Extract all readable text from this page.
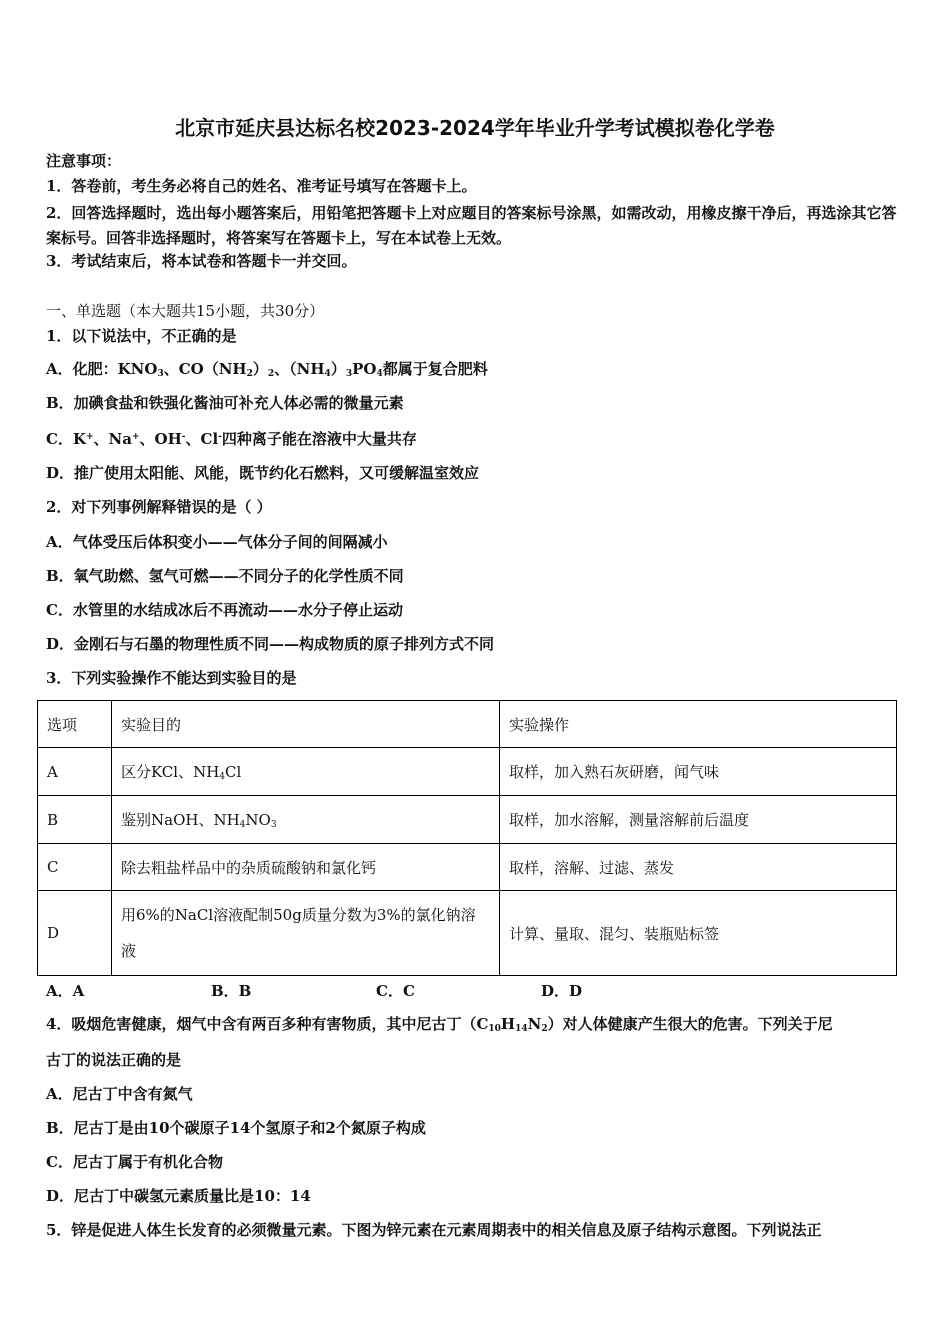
北京市延庆县达标名校2023-2024学年毕业升学考试模拟卷化学卷
注意事项：
1．答卷前，考生务必将自己的姓名、准考证号填写在答题卡上。
2．回答选择题时，选出每小题答案后，用铅笔把答题卡上对应题目的答案标号涂黑，如需改动，用橡皮擦干净后，再选涂其它答案标号。回答非选择题时，将答案写在答题卡上，写在本试卷上无效。
3．考试结束后，将本试卷和答题卡一并交回。
一、单选题（本大题共15小题，共30分）
1．以下说法中，不正确的是
A．化肥：$KNO_3$、$CO(NH_2)_2$、$(NH_4)_3PO_4$都属于复合肥料
B．加碘食盐和铁强化酱油可补充人体必需的微量元素
C．K+、Na+、OH-、Cl-四种离子能在溶液中大量共存
D．推广使用太阳能、风能，既节约化石燃料，又可缓解温室效应
2．对下列事例解释错误的是（ ）
A．气体受压后体积变小——气体分子间的间隔减小
B．氧气助燃、氢气可燃——不同分子的化学性质不同
C．水管里的水结成冰后不再流动——水分子停止运动
D．金刚石与石墨的物理性质不同——构成物质的原子排列方式不同
3．下列实验操作不能达到实验目的是
选项	实验目的	实验操作
A	区分KCl、$NH_4Cl$	取样，加入熟石灰研磨，闻气味
B	鉴别NaOH、$NH_4NO_3$	取样，加水溶解，测量溶解前后温度
C	除去粗盐样品中的杂质硫酸钠和氯化钙	取样，溶解、过滤、蒸发
D	用6%的NaCl溶液配制50g质量分数为3%的氯化钠溶液	计算、量取、混匀、装瓶贴标签
A．A	B．B	C．C	D．D
4．吸烟危害健康，烟气中含有两百多种有害物质，其中尼古丁$(C_{10}H_{14}N_2)$对人体健康产生很大的危害。下列关于尼
古丁的说法正确的是
A．尼古丁中含有氮气
B．尼古丁是由10个碳原子14个氢原子和2个氮原子构成
C．尼古丁属于有机化合物
D．尼古丁中碳氢元素质量比是10：14
5．锌是促进人体生长发育的必须微量元素。下图为锌元素在元素周期表中的相关信息及原子结构示意图。下列说法正
